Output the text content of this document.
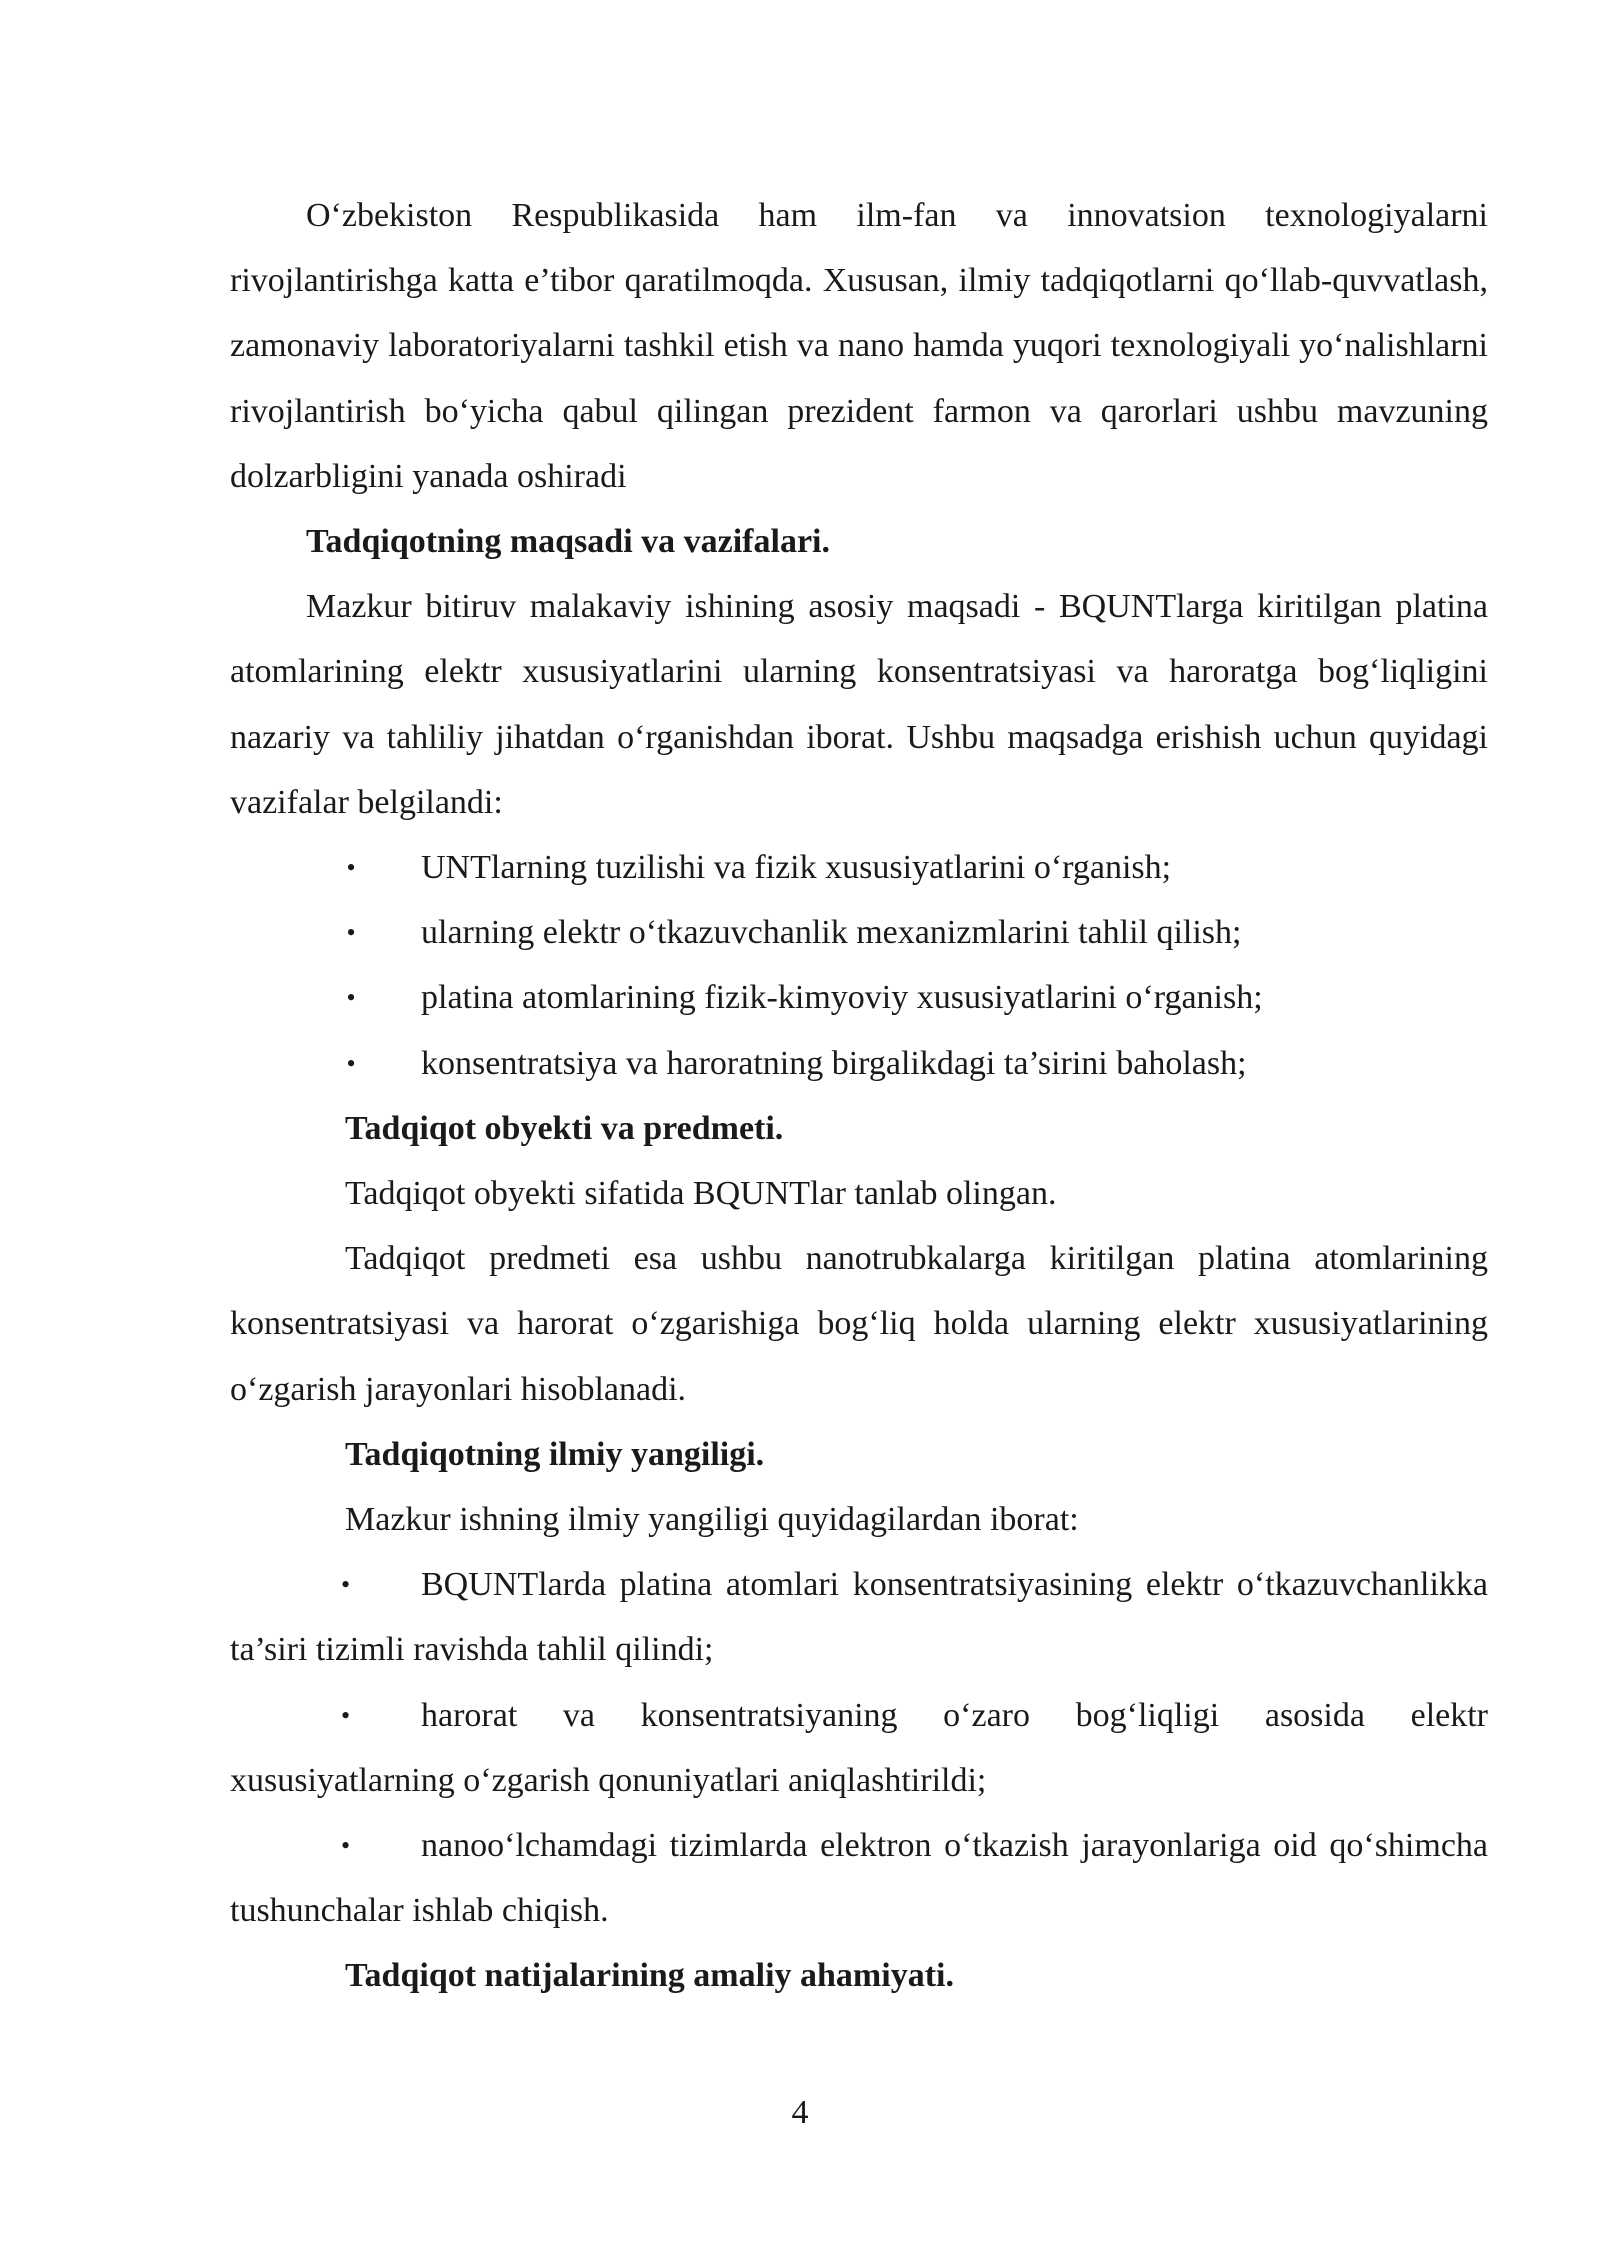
O‘zbekiston Respublikasida ham ilm-fan va innovatsion texnologiyalarni rivojlantirishga katta e’tibor qaratilmoqda. Xususan, ilmiy tadqiqotlarni qo‘llab-quvvatlash, zamonaviy laboratoriyalarni tashkil etish va nano hamda yuqori texnologiyali yo‘nalishlarni rivojlantirish bo‘yicha qabul qilingan prezident farmon va qarorlari ushbu mavzuning dolzarbligini yanada oshiradi

Tadqiqotning maqsadi va vazifalari.

Mazkur bitiruv malakaviy ishining asosiy maqsadi - BQUNTlarga kiritilgan platina atomlarining elektr xususiyatlarini ularning konsentratsiyasi va haroratga bog‘liqligini nazariy va tahliliy jihatdan o‘rganishdan iborat. Ushbu maqsadga erishish uchun quyidagi vazifalar belgilandi:

• UNTlarning tuzilishi va fizik xususiyatlarini o‘rganish;

• ularning elektr o‘tkazuvchanlik mexanizmlarini tahlil qilish;

• platina atomlarining fizik-kimyoviy xususiyatlarini o‘rganish;

• konsentratsiya va haroratning birgalikdagi ta’sirini baholash;

Tadqiqot obyekti va predmeti.

Tadqiqot obyekti sifatida BQUNTlar tanlab olingan.

Tadqiqot predmeti esa ushbu nanotrubkalarga kiritilgan platina atomlarining konsentratsiyasi va harorat o‘zgarishiga bog‘liq holda ularning elektr xususiyatlarining o‘zgarish jarayonlari hisoblanadi.

Tadqiqotning ilmiy yangiligi.

Mazkur ishning ilmiy yangiligi quyidagilardan iborat:

•	BQUNTlarda platina atomlari konsentratsiyasining elektr o‘tkazuvchanlikka ta’siri tizimli ravishda tahlil qilindi;

•	harorat va konsentratsiyaning o‘zaro bog‘liqligi asosida elektr xususiyatlarning o‘zgarish qonuniyatlari aniqlashtirildi;

•	nanoo‘lchamdagi tizimlarda elektron o‘tkazish jarayonlariga oid qo‘shimcha tushunchalar ishlab chiqish.

Tadqiqot natijalarining amaliy ahamiyati.

4
